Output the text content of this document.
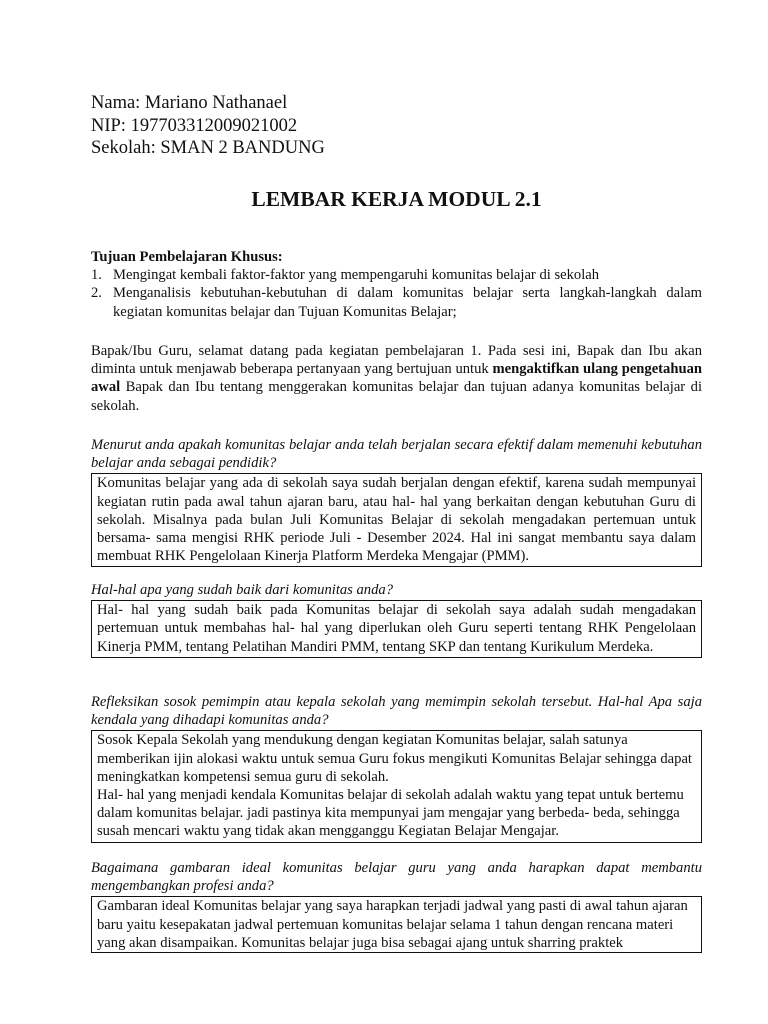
Nama: Mariano Nathanael

NIP: 197703312009021002

Sekolah: SMAN 2 BANDUNG

LEMBAR KERJA MODUL 2.1

Tujuan Pembelajaran Khusus:

1. Mengingat kembali faktor-faktor yang mempengaruhi komunitas belajar di sekolah
2. Menganalisis kebutuhan-kebutuhan di dalam komunitas belajar serta langkah-langkah dalam kegiatan komunitas belajar dan Tujuan Komunitas Belajar;

Bapak/Ibu Guru, selamat datang pada kegiatan pembelajaran 1. Pada sesi ini, Bapak dan Ibu akan diminta untuk menjawab beberapa pertanyaan yang bertujuan untuk mengaktifkan ulang pengetahuan awal Bapak dan Ibu tentang menggerakan komunitas belajar dan tujuan adanya komunitas belajar di sekolah.

Menurut anda apakah komunitas belajar anda telah berjalan secara efektif dalam memenuhi kebutuhan belajar anda sebagai pendidik?

Komunitas belajar yang ada di sekolah saya sudah berjalan dengan efektif, karena sudah mempunyai kegiatan rutin pada awal tahun ajaran baru, atau hal- hal yang berkaitan dengan kebutuhan Guru di sekolah. Misalnya pada bulan Juli Komunitas Belajar di sekolah mengadakan pertemuan untuk bersama- sama mengisi RHK periode Juli - Desember 2024. Hal ini sangat membantu saya dalam membuat RHK Pengelolaan Kinerja Platform Merdeka Mengajar (PMM).

Hal-hal apa yang sudah baik dari komunitas anda?

Hal- hal yang sudah baik pada Komunitas belajar di sekolah saya adalah sudah mengadakan pertemuan untuk membahas hal- hal yang diperlukan oleh Guru seperti tentang RHK Pengelolaan Kinerja PMM, tentang Pelatihan Mandiri PMM, tentang SKP dan tentang Kurikulum Merdeka.

Refleksikan sosok pemimpin atau kepala sekolah yang memimpin sekolah tersebut. Hal-hal Apa saja kendala yang dihadapi komunitas anda?

Sosok Kepala Sekolah yang mendukung dengan kegiatan Komunitas belajar, salah satunya memberikan ijin alokasi waktu untuk semua Guru fokus mengikuti Komunitas Belajar sehingga dapat meningkatkan kompetensi semua guru di sekolah.

Hal- hal yang menjadi kendala Komunitas belajar di sekolah adalah waktu yang tepat untuk bertemu dalam komunitas belajar. jadi pastinya kita mempunyai jam mengajar yang berbeda- beda, sehingga susah mencari waktu yang tidak akan mengganggu Kegiatan Belajar Mengajar.

Bagaimana gambaran ideal komunitas belajar guru yang anda harapkan dapat membantu mengembangkan profesi anda?

Gambaran ideal Komunitas belajar yang saya harapkan terjadi jadwal yang pasti di awal tahun ajaran baru yaitu kesepakatan jadwal pertemuan komunitas belajar selama 1 tahun dengan rencana materi yang akan disampaikan. Komunitas belajar juga bisa sebagai ajang untuk sharring praktek
